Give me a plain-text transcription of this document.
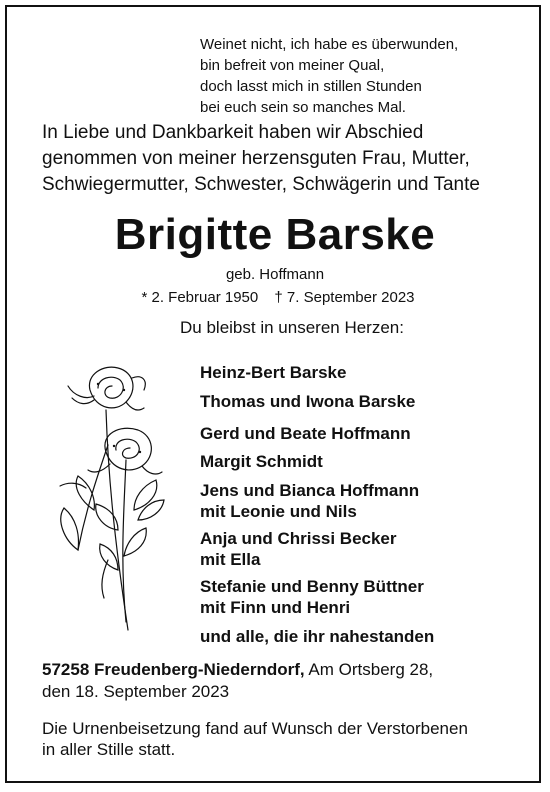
Weinet nicht, ich habe es überwunden,
bin befreit von meiner Qual,
doch lasst mich in stillen Stunden
bei euch sein so manches Mal.
In Liebe und Dankbarkeit haben wir Abschied
genommen von meiner herzensguten Frau, Mutter,
Schwiegermutter, Schwester, Schwägerin und Tante
Brigitte Barske
geb. Hoffmann
* 2. Februar 1950 † 7. September 2023
Du bleibst in unseren Herzen:
Heinz-Bert Barske
Thomas und Iwona Barske
Gerd und Beate Hoffmann
Margit Schmidt
Jens und Bianca Hoffmann
mit Leonie und Nils
Anja und Chrissi Becker
mit Ella
Stefanie und Benny Büttner
mit Finn und Henri
und alle, die ihr nahestanden
57258 Freudenberg-Niederndorf, Am Ortsberg 28,
den 18. September 2023
Die Urnenbeisetzung fand auf Wunsch der Verstorbenen
in aller Stille statt.
